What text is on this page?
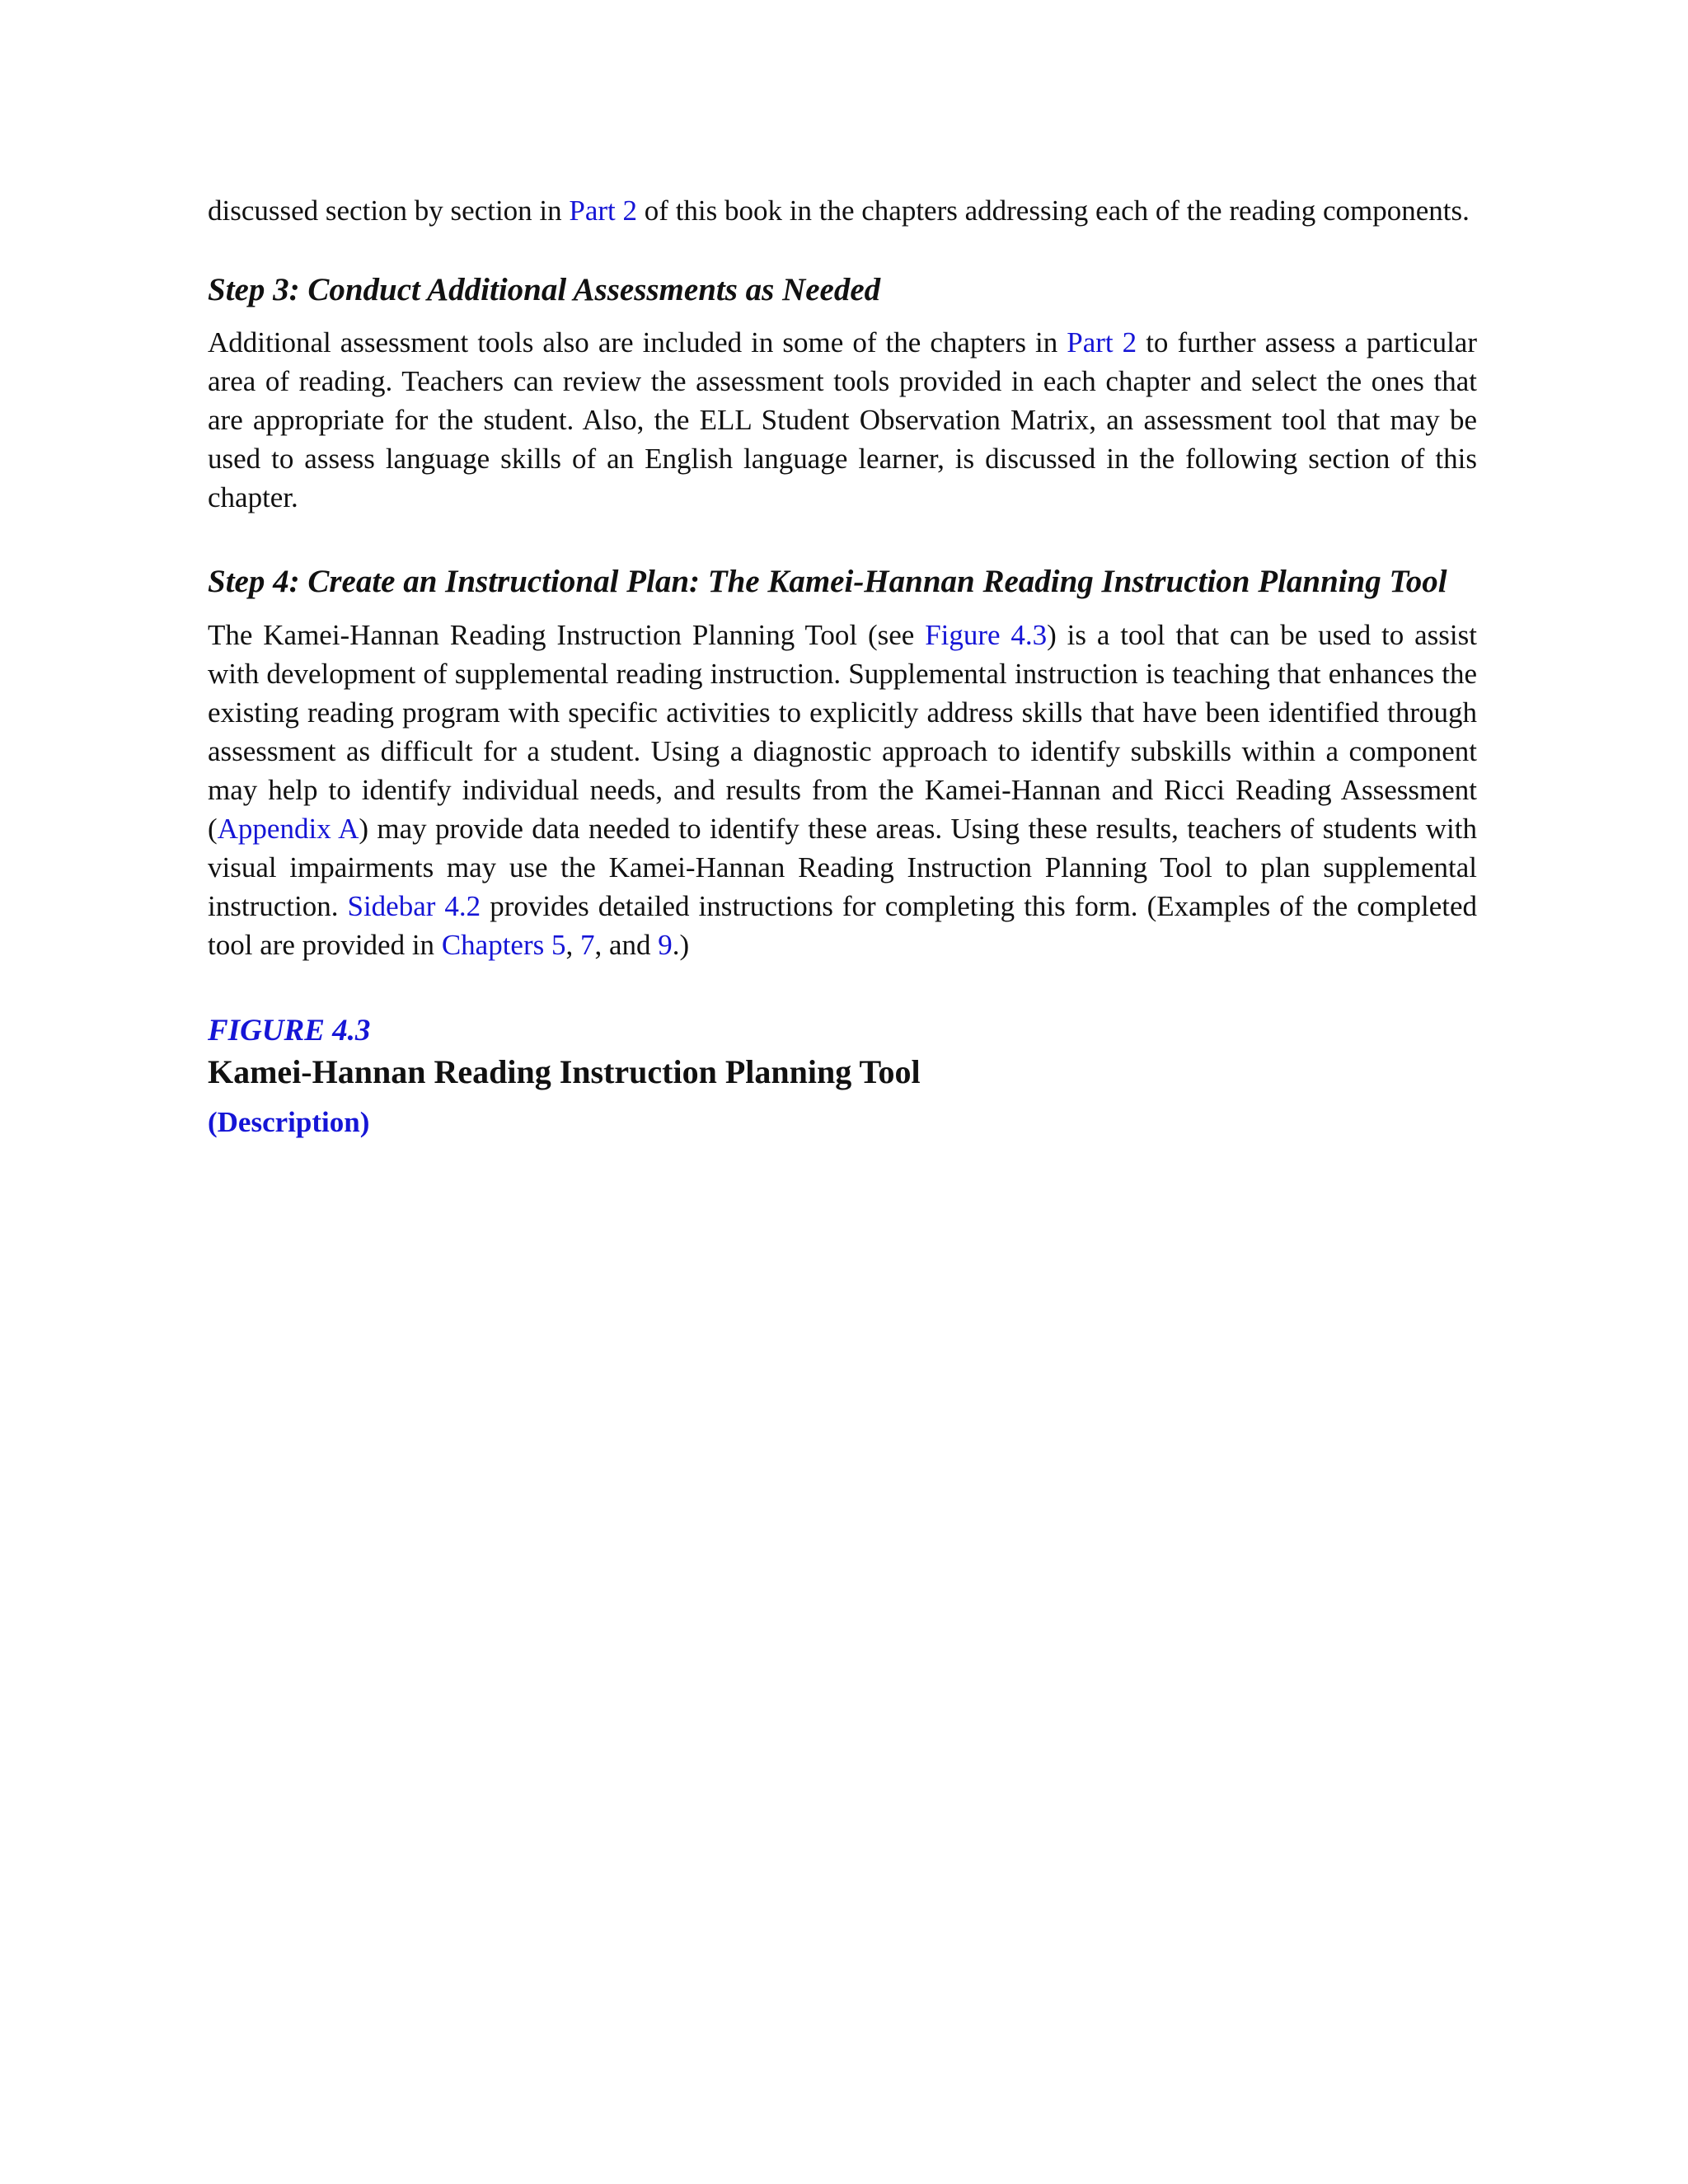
discussed section by section in Part 2 of this book in the chapters addressing each of the reading components.

Step 3: Conduct Additional Assessments as Needed

Additional assessment tools also are included in some of the chapters in Part 2 to further assess a particular area of reading. Teachers can review the assessment tools provided in each chapter and select the ones that are appropriate for the student. Also, the ELL Student Observation Matrix, an assessment tool that may be used to assess language skills of an English language learner, is discussed in the following section of this chapter.

Step 4: Create an Instructional Plan: The Kamei-Hannan Reading Instruction Planning Tool

The Kamei-Hannan Reading Instruction Planning Tool (see Figure 4.3) is a tool that can be used to assist with development of supplemental reading instruction. Supplemental instruction is teaching that enhances the existing reading program with specific activities to explicitly address skills that have been identified through assessment as difficult for a student. Using a diagnostic approach to identify subskills within a component may help to identify individual needs, and results from the Kamei-Hannan and Ricci Reading Assessment (Appendix A) may provide data needed to identify these areas. Using these results, teachers of students with visual impairments may use the Kamei-Hannan Reading Instruction Planning Tool to plan supplemental instruction. Sidebar 4.2 provides detailed instructions for completing this form. (Examples of the completed tool are provided in Chapters 5, 7, and 9.)

FIGURE 4.3

Kamei-Hannan Reading Instruction Planning Tool

(Description)
